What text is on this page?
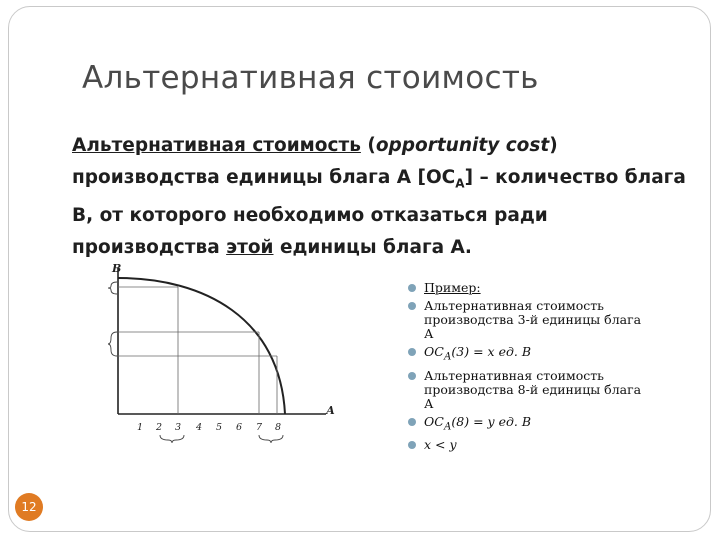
Альтернативная стоимость
Альтернативная стоимость (opportunity cost)
производства единицы блага А $[ОС_А]$ – количество блага
В, от которого необходимо отказаться ради
производства этой единицы блага А.
В
А
1 2 3 4 5 6 7 8
Пример:
Альтернативная стоимость производства 3-й единицы блага А
$ОС_А(3) = x$ ед. В
Альтернативная стоимость производства 8-й единицы блага А
$ОС_А(8) = y$ ед. В
x < y
12
